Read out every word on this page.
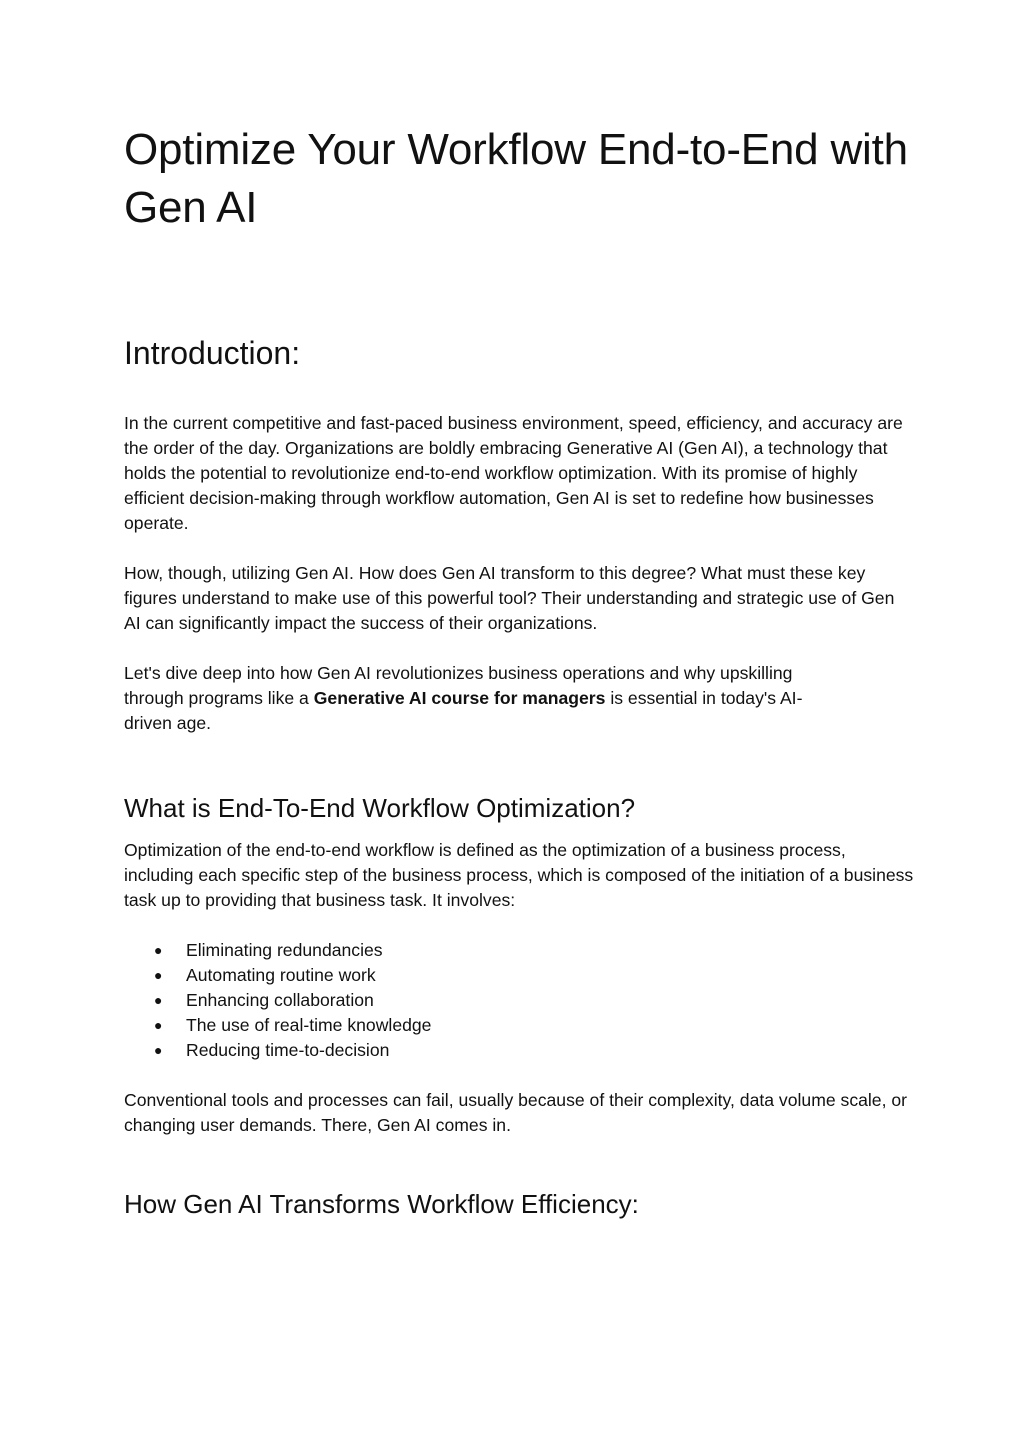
Optimize Your Workflow End-to-End with Gen AI
Introduction:

In the current competitive and fast-paced business environment, speed, efficiency, and accuracy are the order of the day. Organizations are boldly embracing Generative AI (Gen AI), a technology that holds the potential to revolutionize end-to-end workflow optimization. With its promise of highly efficient decision-making through workflow automation, Gen AI is set to redefine how businesses operate.

How, though, utilizing Gen AI. How does Gen AI transform to this degree? What must these key figures understand to make use of this powerful tool? Their understanding and strategic use of Gen AI can significantly impact the success of their organizations.

Let's dive deep into how Gen AI revolutionizes business operations and why upskilling through programs like a Generative AI course for managers is essential in today's AI-driven age.

What is End-To-End Workflow Optimization?

Optimization of the end-to-end workflow is defined as the optimization of a business process, including each specific step of the business process, which is composed of the initiation of a business task up to providing that business task. It involves:

● Eliminating redundancies
● Automating routine work
● Enhancing collaboration
● The use of real-time knowledge
● Reducing time-to-decision

Conventional tools and processes can fail, usually because of their complexity, data volume scale, or changing user demands. There, Gen AI comes in.

How Gen AI Transforms Workflow Efficiency:
